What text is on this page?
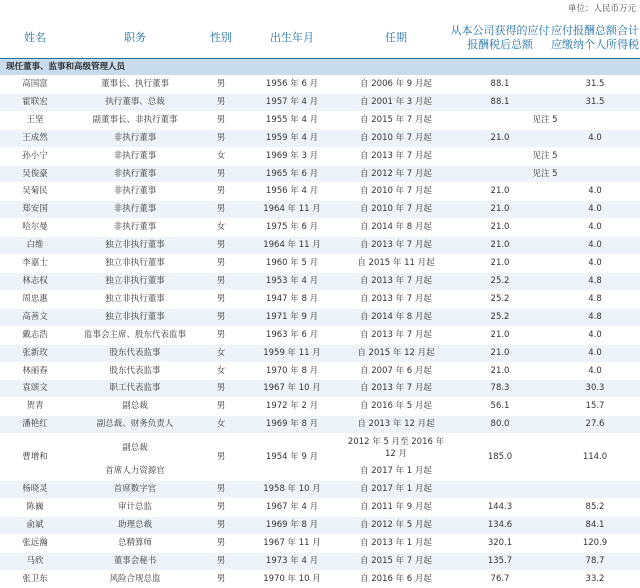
单位：人民币万元
姓名	职务	性别	出生年月	任期	从本公司获得的应付报酬税后总额	应付报酬总额合计应缴纳个人所得税
现任董事、监事和高级管理人员						
高国富	董事长、执行董事	男	1956 年 6 月	自 2006 年 9 月起	88.1	31.5
霍联宏	执行董事、总裁	男	1957 年 4 月	自 2001 年 3 月起	88.1	31.5
王坚	副董事长、非执行董事	男	1955 年 4 月	自 2015 年 7 月起	见注 5	
王成然	非执行董事	男	1959 年 4 月	自 2010 年 7 月起	21.0	4.0
孙小宁	非执行董事	女	1969 年 3 月	自 2013 年 7 月起	见注 5	
吴俊豪	非执行董事	男	1965 年 6 月	自 2012 年 7 月起	见注 5	
吴菊民	非执行董事	男	1956 年 4 月	自 2010 年 7 月起	21.0	4.0
郑安国	非执行董事	男	1964 年 11 月	自 2010 年 7 月起	21.0	4.0
哈尔曼	非执行董事	女	1975 年 6 月	自 2014 年 8 月起	21.0	4.0
白维	独立非执行董事	男	1964 年 11 月	自 2013 年 7 月起	21.0	4.0
李嘉士	独立非执行董事	男	1960 年 5 月	自 2015 年 11 月起	21.0	4.0
林志权	独立非执行董事	男	1953 年 4 月	自 2013 年 7 月起	25.2	4.8
周忠惠	独立非执行董事	男	1947 年 8 月	自 2013 年 7 月起	25.2	4.8
高善文	独立非执行董事	男	1971 年 9 月	自 2014 年 8 月起	25.2	4.8
戴志浩	监事会主席、股东代表监事	男	1963 年 6 月	自 2013 年 7 月起	21.0	4.0
张新玫	股东代表监事	女	1959 年 11 月	自 2015 年 12 月起	21.0	4.0
林丽春	股东代表监事	女	1970 年 8 月	自 2007 年 6 月起	21.0	4.0
袁颂文	职工代表监事	男	1967 年 10 月	自 2013 年 7 月起	78.3	30.3
贺青	副总裁	男	1972 年 2 月	自 2016 年 5 月起	56.1	15.7
潘艳红	副总裁、财务负责人	女	1969 年 8 月	自 2013 年 12 月起	80.0	27.6
曹增和	副总裁	男	1954 年 9 月	2012 年 5 月至 2016 年 12 月	185.0	114.0
	首席人力资源官			自 2017 年 1 月起		
杨晓灵	首席数字官	男	1958 年 10 月	自 2017 年 1 月起		
陈巍	审计总监	男	1967 年 4 月	自 2011 年 9 月起	144.3	85.2
俞斌	助理总裁	男	1969 年 8 月	自 2012 年 5 月起	134.6	84.1
张远瀚	总精算师	男	1967 年 11 月	自 2013 年 1 月起	320.1	120.9
马欣	董事会秘书	男	1973 年 4 月	自 2015 年 7 月起	135.7	78.7
张卫东	风险合规总监	男	1970 年 10 月	自 2016 年 6 月起	76.7	33.2
